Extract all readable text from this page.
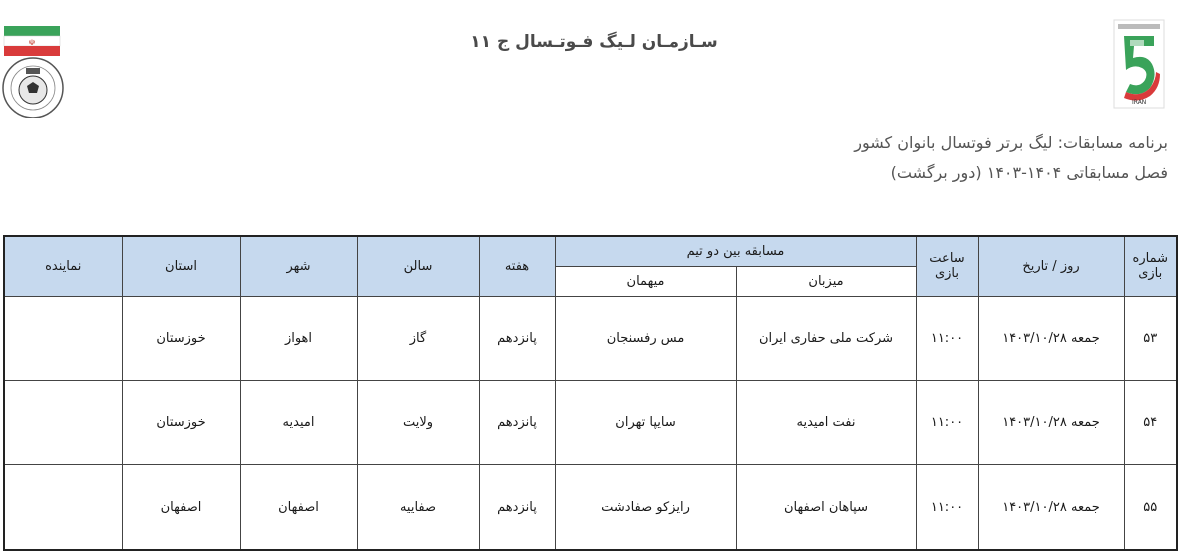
☫
IRAN
سـازمـان لـیگ فـوتـسال ج ۱۱
برنامه مسابقات: لیگ برتر فوتسال بانوان کشور
فصل مسابقاتی ۱۴۰۴-۱۴۰۳ (دور برگشت)
شماره بازی	روز / تاریخ	ساعت بازی	مسابقه بین دو تیم		هفته	سالن	شهر	استان	نماینده
			میزبان	میهمان					
۵۳	جمعه ۱۴۰۳/۱۰/۲۸	۱۱:۰۰	شرکت ملی حفاری ایران	مس رفسنجان	پانزدهم	گاز	اهواز	خوزستان	
۵۴	جمعه ۱۴۰۳/۱۰/۲۸	۱۱:۰۰	نفت امیدیه	سایپا تهران	پانزدهم	ولایت	امیدیه	خوزستان	
۵۵	جمعه ۱۴۰۳/۱۰/۲۸	۱۱:۰۰	سپاهان اصفهان	رایزکو صفادشت	پانزدهم	صفاییه	اصفهان	اصفهان	
